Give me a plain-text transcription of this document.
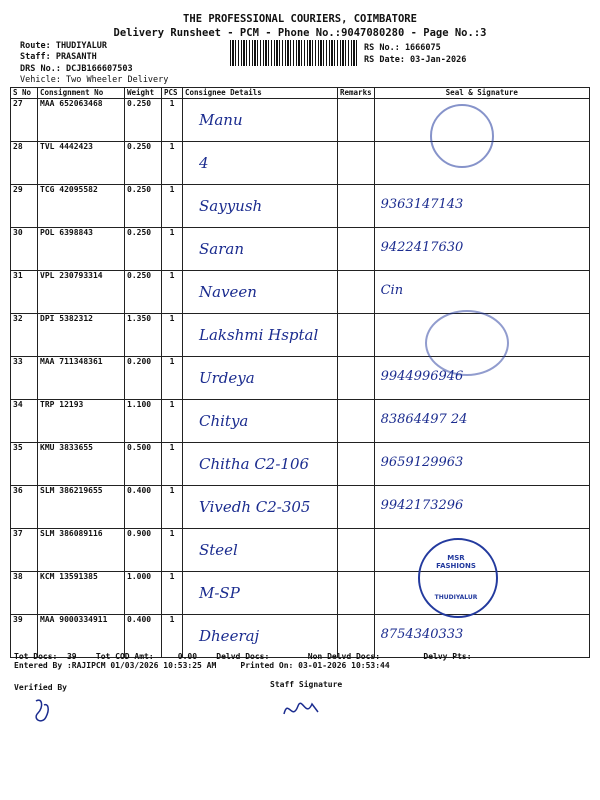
THE PROFESSIONAL COURIERS, COIMBATORE
Delivery Runsheet - PCM - Phone No.:9047080280 - Page No.:3
Route: THUDIYALUR
Staff: PRASANTH
DRS No.: DCJB166607503
Vehicle: Two Wheeler Delivery
RS No.: 1666075
RS Date: 03-Jan-2026
S No	Consignment No	Weight	PCS	Consignee Details	Remarks	Seal & Signature
27	MAA 652063468	0.250	1	Manu		
28	TVL 4442423	0.250	1	4		
29	TCG 42095582	0.250	1	Sayyush		9363147143
30	POL 6398843	0.250	1	Saran		9422417630
31	VPL 230793314	0.250	1	Naveen		Cin
32	DPI 5382312	1.350	1	Lakshmi Hsptal		
33	MAA 711348361	0.200	1	Urdeya		9944996946
34	TRP 12193	1.100	1	Chitya		83864497 24
35	KMU 3833655	0.500	1	Chitha C2-106		9659129963
36	SLM 386219655	0.400	1	Vivedh C2-305		9942173296
37	SLM 386089116	0.900	1	Steel		
38	KCM 13591385	1.000	1	M-SP		
39	MAA 9000334911	0.400	1	Dheeraj		8754340333
MSR FASHIONS
THUDIYALUR
Tot Docs:  39    Tot COD Amt:     0.00    Delvd Docs:        Non Delvd Docs:         Delvy Pts:
Entered By :RAJIPCM 01/03/2026 10:53:25 AM     Printed On: 03-01-2026 10:53:44
Verified By	Staff Signature
